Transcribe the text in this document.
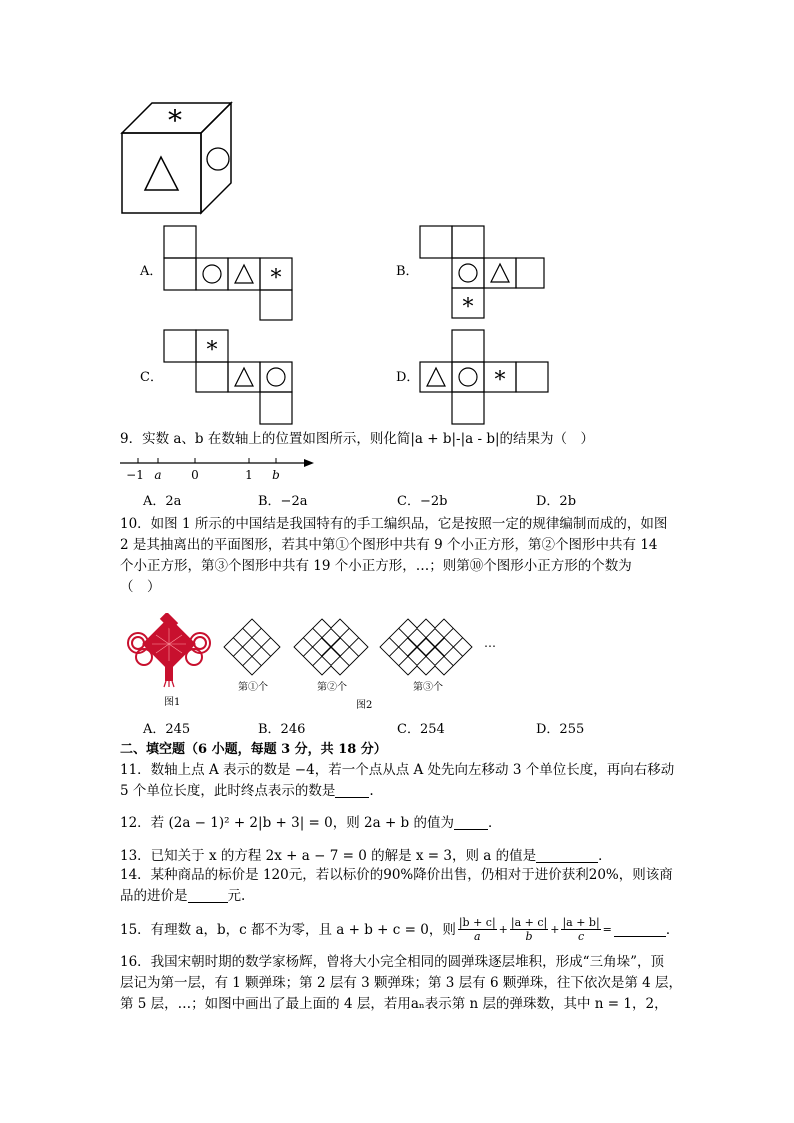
*
A．	*	B．
*
C．
*
D．	*
9．实数 a、b 在数轴上的位置如图所示，则化简|a + b|-|a - b|的结果为（　）
−1 a 0	1 b
A．2a	B．−2a	C．−2b	D．2b
10．如图 1 所示的中国结是我国特有的手工编织品，它是按照一定的规律编制而成的，如图
2 是其抽离出的平面图形，若其中第①个图形中共有 9 个小正方形，第②个图形中共有 14
个小正方形，第③个图形中共有 19 个小正方形，…；则第⑩个图形小正方形的个数为
（　）
…
图1
第①个	第②个	第③个
图2
A．245	B．246	C．254	D．255
二、填空题（6 小题，每题 3 分，共 18 分）
11．数轴上点 A 表示的数是 −4，若一个点从点 A 处先向左移动 3 个单位长度，再向右移动
5 个单位长度，此时终点表示的数是	.
12．若 (2a − 1)² + 2|b + 3| = 0，则 2a + b 的值为	．
13．已知关于 x 的方程 2x + a − 7 = 0 的解是 x = 3，则 a 的值是	．
14．某种商品的标价是 120元，若以标价的90%降价出售，仍相对于进价获利20%，则该商
品的进价是	元.
15．有理数 a，b，c 都不为零，且 a + b + c = 0，则 $\frac{|b + c|}{a} + \frac{|a + c|}{b} + \frac{|a + b|}{c}$ =	．
16．我国宋朝时期的数学家杨辉，曾将大小完全相同的圆弹珠逐层堆积，形成“三角垛”，顶
层记为第一层，有 1 颗弹珠；第 2 层有 3 颗弹珠；第 3 层有 6 颗弹珠，往下依次是第 4 层，
第 5 层，…；如图中画出了最上面的 4 层，若用aₙ表示第 n 层的弹珠数，其中 n = 1，2，
